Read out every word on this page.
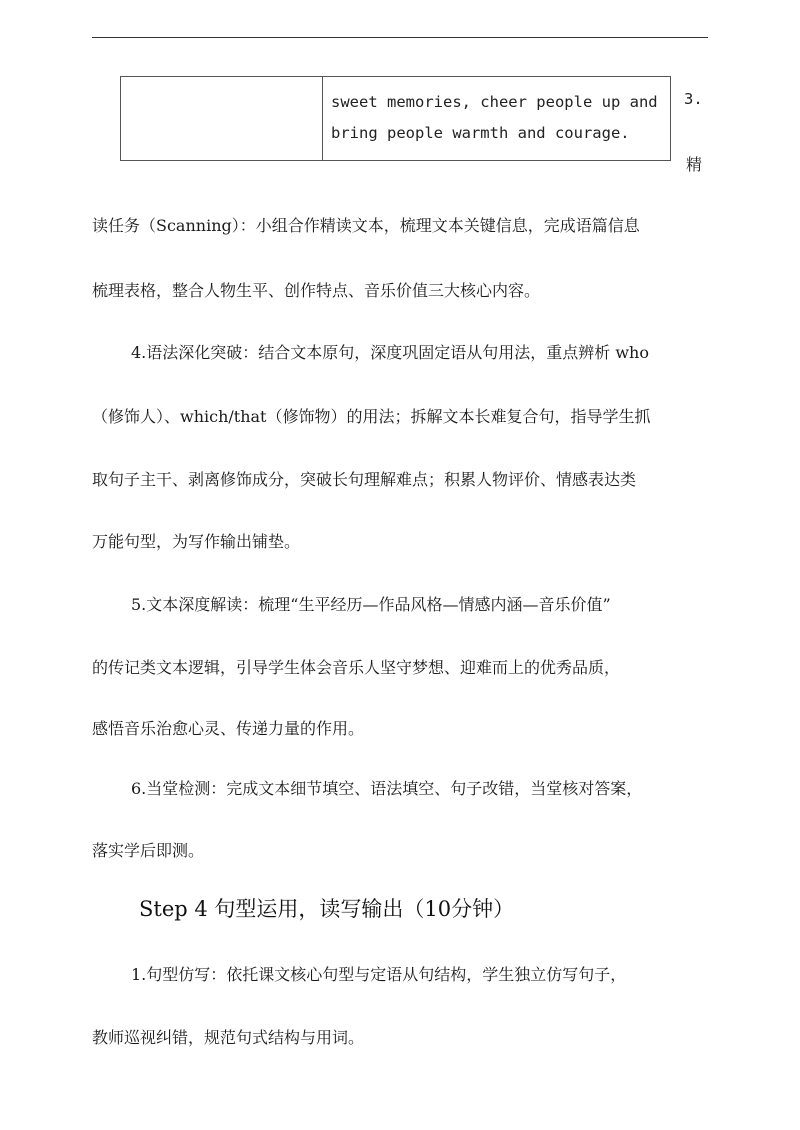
sweet memories, cheer people up and
bring people warmth and courage.
3.
精
读任务（Scanning）：小组合作精读文本，梳理文本关键信息，完成语篇信息
梳理表格，整合人物生平、创作特点、音乐价值三大核心内容。
4.语法深化突破：结合文本原句，深度巩固定语从句用法，重点辨析 who
（修饰人）、which/that（修饰物）的用法；拆解文本长难复合句，指导学生抓
取句子主干、剥离修饰成分，突破长句理解难点；积累人物评价、情感表达类
万能句型，为写作输出铺垫。
5.文本深度解读：梳理“生平经历—作品风格—情感内涵—音乐价值”
的传记类文本逻辑，引导学生体会音乐人坚守梦想、迎难而上的优秀品质，
感悟音乐治愈心灵、传递力量的作用。
6.当堂检测：完成文本细节填空、语法填空、句子改错，当堂核对答案，
落实学后即测。
Step 4 句型运用，读写输出（10分钟）
1.句型仿写：依托课文核心句型与定语从句结构，学生独立仿写句子，
教师巡视纠错，规范句式结构与用词。
